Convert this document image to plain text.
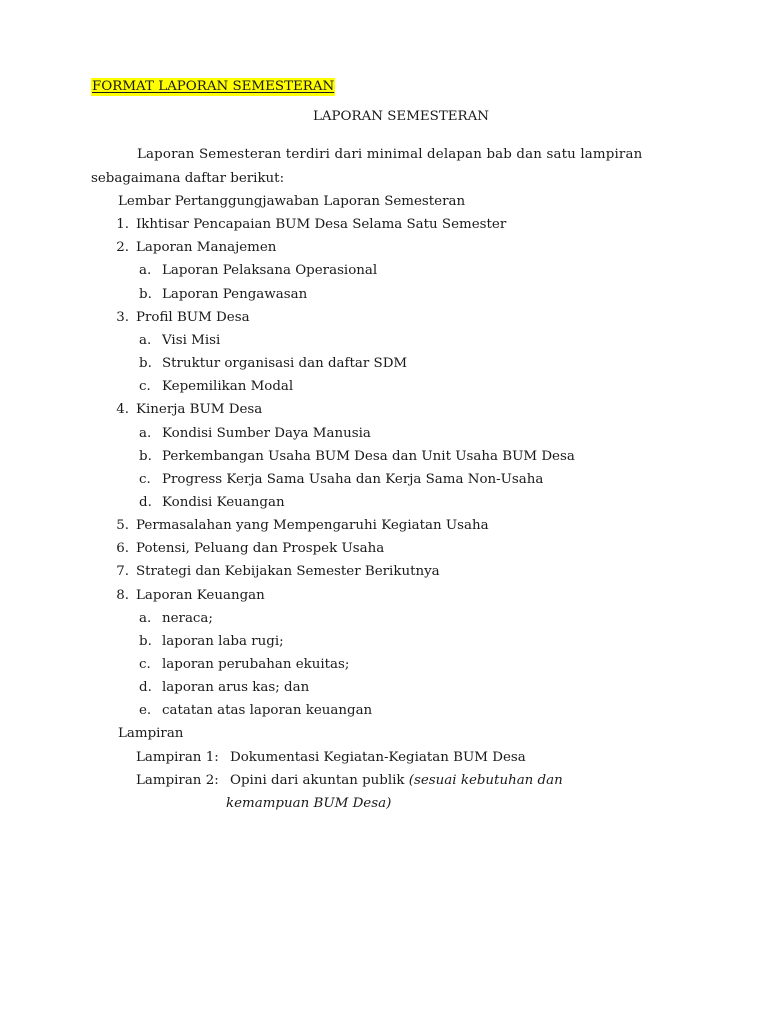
FORMAT LAPORAN SEMESTERAN
LAPORAN SEMESTERAN
Laporan Semesteran terdiri dari minimal delapan bab dan satu lampiran
sebagaimana daftar berikut:
Lembar Pertanggungjawaban Laporan Semesteran
1. Ikhtisar Pencapaian BUM Desa Selama Satu Semester
2. Laporan Manajemen
a. Laporan Pelaksana Operasional
b. Laporan Pengawasan
3. Profil BUM Desa
a. Visi Misi
b. Struktur organisasi dan daftar SDM
c. Kepemilikan Modal
4. Kinerja BUM Desa
a. Kondisi Sumber Daya Manusia
b. Perkembangan Usaha BUM Desa dan Unit Usaha BUM Desa
c. Progress Kerja Sama Usaha dan Kerja Sama Non-Usaha
d. Kondisi Keuangan
5. Permasalahan yang Mempengaruhi Kegiatan Usaha
6. Potensi, Peluang dan Prospek Usaha
7. Strategi dan Kebijakan Semester Berikutnya
8. Laporan Keuangan
a. neraca;
b. laporan laba rugi;
c. laporan perubahan ekuitas;
d. laporan arus kas; dan
e. catatan atas laporan keuangan
Lampiran
Lampiran 1: Dokumentasi Kegiatan-Kegiatan BUM Desa
Lampiran 2: Opini dari akuntan publik (sesuai kebutuhan dan
kemampuan BUM Desa)
